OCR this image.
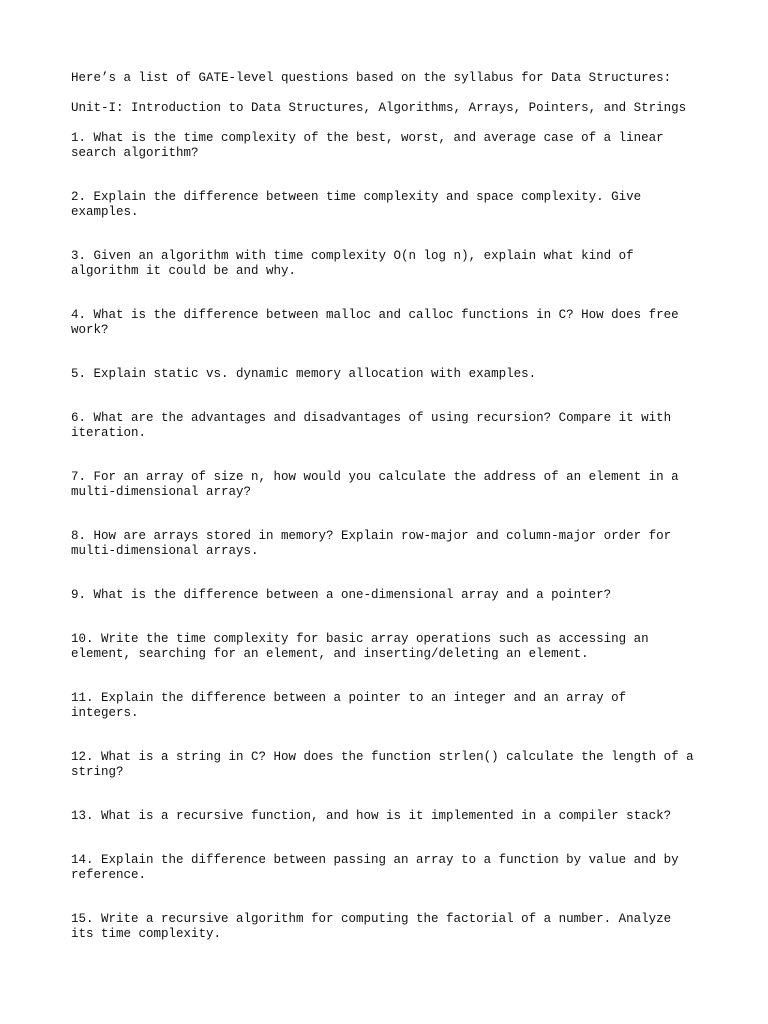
Here’s a list of GATE-level questions based on the syllabus for Data Structures:

Unit-I: Introduction to Data Structures, Algorithms, Arrays, Pointers, and Strings

1. What is the time complexity of the best, worst, and average case of a linear
search algorithm?

2. Explain the difference between time complexity and space complexity. Give
examples.

3. Given an algorithm with time complexity O(n log n), explain what kind of
algorithm it could be and why.

4. What is the difference between malloc and calloc functions in C? How does free
work?

5. Explain static vs. dynamic memory allocation with examples.

6. What are the advantages and disadvantages of using recursion? Compare it with
iteration.

7. For an array of size n, how would you calculate the address of an element in a
multi-dimensional array?

8. How are arrays stored in memory? Explain row-major and column-major order for
multi-dimensional arrays.

9. What is the difference between a one-dimensional array and a pointer?

10. Write the time complexity for basic array operations such as accessing an
element, searching for an element, and inserting/deleting an element.

11. Explain the difference between a pointer to an integer and an array of
integers.

12. What is a string in C? How does the function strlen() calculate the length of a
string?

13. What is a recursive function, and how is it implemented in a compiler stack?

14. Explain the difference between passing an array to a function by value and by
reference.

15. Write a recursive algorithm for computing the factorial of a number. Analyze
its time complexity.
